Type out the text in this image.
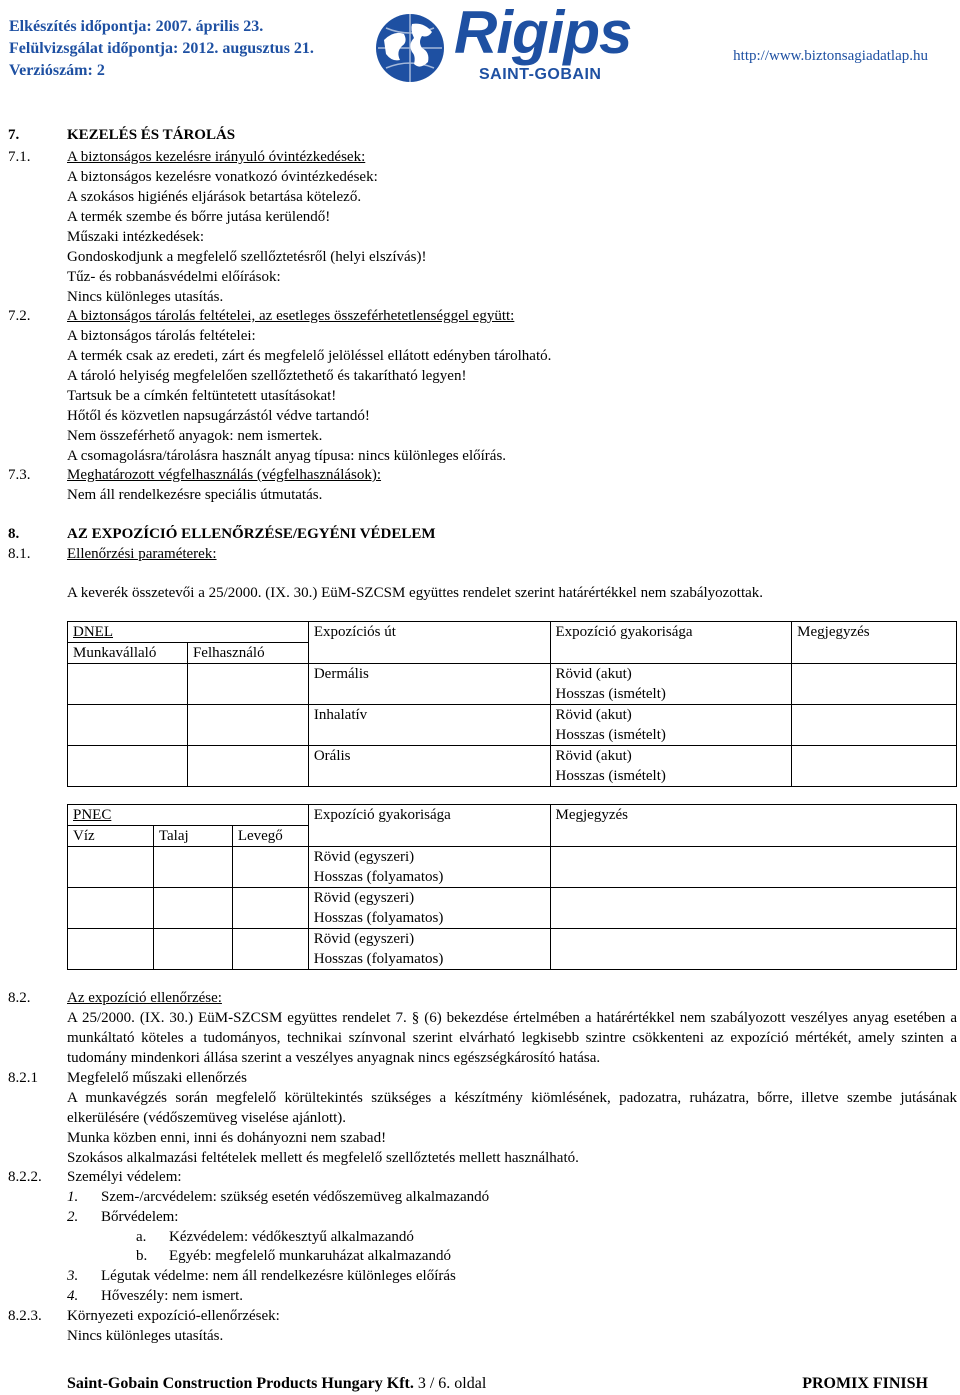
Elkészítés időpontja: 2007. április 23.
Felülvizsgálat időpontja: 2012. augusztus 21.
Verziószám: 2
Rigips
SAINT-GOBAIN
http://www.biztonsagiadatlap.hu
7.	KEZELÉS ÉS TÁROLÁS
7.1. A biztonságos kezelésre irányuló óvintézkedések:
A biztonságos kezelésre vonatkozó óvintézkedések:
A szokásos higiénés eljárások betartása kötelező.
A termék szembe és bőrre jutása kerülendő!
Műszaki intézkedések:
Gondoskodjunk a megfelelő szellőztetésről (helyi elszívás)!
Tűz- és robbanásvédelmi előírások:
Nincs különleges utasítás.
7.2. A biztonságos tárolás feltételei, az esetleges összeférhetetlenséggel együtt:
A biztonságos tárolás feltételei:
A termék csak az eredeti, zárt és megfelelő jelöléssel ellátott edényben tárolható.
A tároló helyiség megfelelően szellőztethető és takarítható legyen!
Tartsuk be a címkén feltüntetett utasításokat!
Hőtől és közvetlen napsugárzástól védve tartandó!
Nem összeférhető anyagok: nem ismertek.
A csomagolásra/tárolásra használt anyag típusa: nincs különleges előírás.
7.3. Meghatározott végfelhasználás (végfelhasználások):
Nem áll rendelkezésre speciális útmutatás.
8.	AZ EXPOZÍCIÓ ELLENŐRZÉSE/EGYÉNI VÉDELEM
8.1. Ellenőrzési paraméterek:
A keverék összetevői a 25/2000. (IX. 30.) EüM-SZCSM együttes rendelet szerint határértékkel nem szabályozottak.
DNEL		Expozíciós út	Expozíció gyakorisága	Megjegyzés
Munkavállaló	Felhasználó			
		Dermális	Rövid (akut)
Hosszas (ismételt)	

		Inhalatív	Rövid (akut)
Hosszas (ismételt)	

		Orális	Rövid (akut)
Hosszas (ismételt)	

PNEC			Expozíció gyakorisága	Megjegyzés
Víz	Talaj	Levegő		

			Rövid (egyszeri)
Hosszas (folyamatos)	

			Rövid (egyszeri)
Hosszas (folyamatos)	

			Rövid (egyszeri)
Hosszas (folyamatos)	

8.2. Az expozíció ellenőrzése:
A 25/2000. (IX. 30.) EüM-SZCSM együttes rendelet 7. § (6) bekezdése értelmében a határértékkel nem szabályozott veszélyes anyag esetében a munkáltató köteles a tudományos, technikai színvonal szerint elvárható legkisebb szintre csökkenteni az expozíció mértékét, amely szinten a tudomány mindenkori állása szerint a veszélyes anyagnak nincs egészségkárosító hatása.
8.2.1 Megfelelő műszaki ellenőrzés
A munkavégzés során megfelelő körültekintés szükséges a készítmény kiömlésének, padozatra, ruházatra, bőrre, illetve szembe jutásának elkerülésére (védőszemüveg viselése ajánlott).
Munka közben enni, inni és dohányozni nem szabad!
Szokásos alkalmazási feltételek mellett és megfelelő szellőztetés mellett használható.
8.2.2. Személyi védelem:
1. Szem-/arcvédelem: szükség esetén védőszemüveg alkalmazandó
2. Bőrvédelem:
a. Kézvédelem: védőkesztyű alkalmazandó
b. Egyéb: megfelelő munkaruházat alkalmazandó
3. Légutak védelme: nem áll rendelkezésre különleges előírás
4. Hőveszély: nem ismert.
8.2.3. Környezeti expozíció-ellenőrzések:
Nincs különleges utasítás.
Saint-Gobain Construction Products Hungary Kft. 3 / 6. oldal	PROMIX FINISH
